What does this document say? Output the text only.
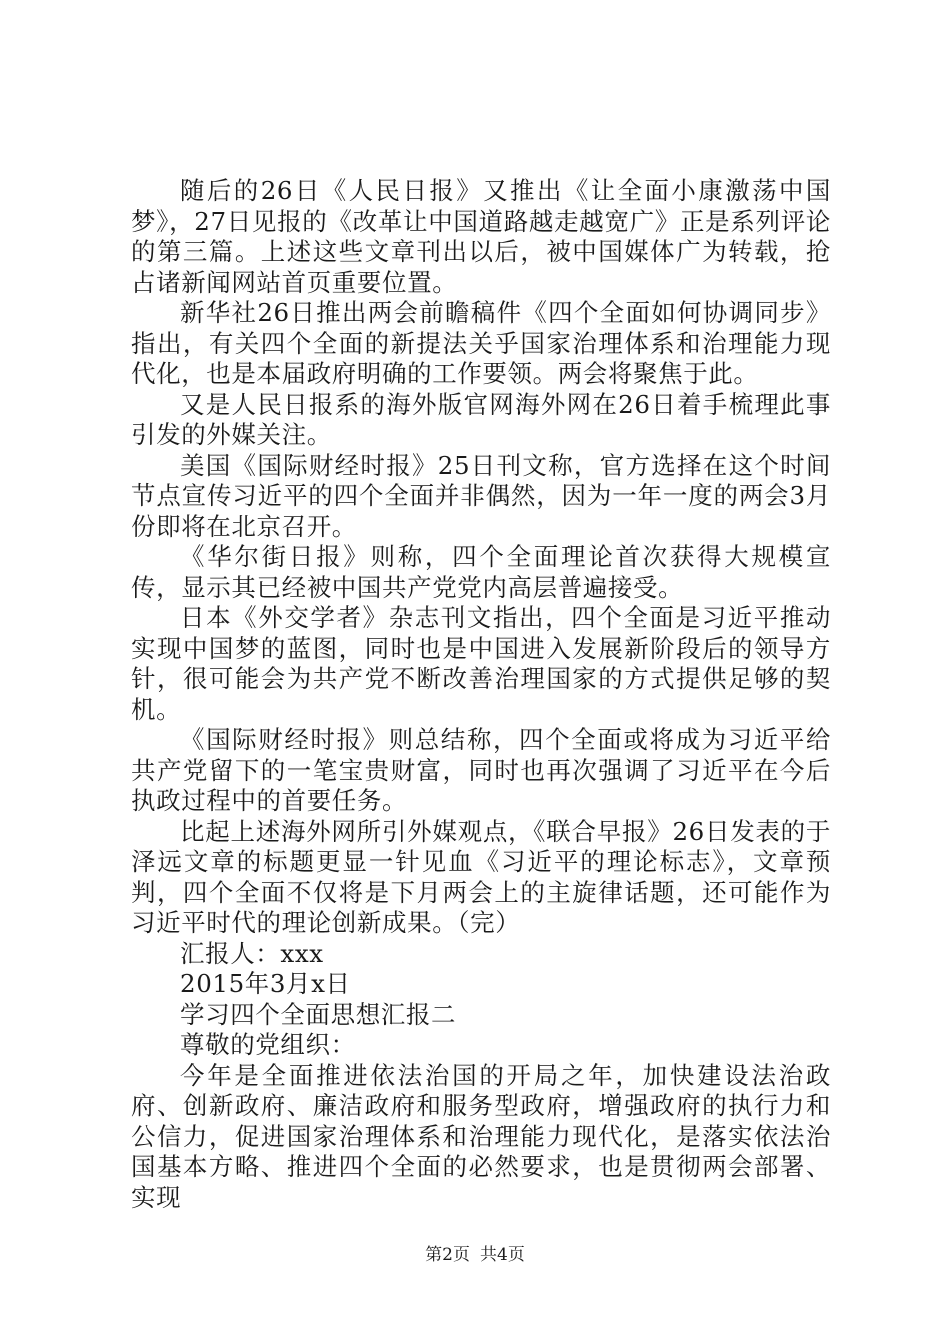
随后的26日《人民日报》又推出《让全面小康激荡中国梦》，27日见报的《改革让中国道路越走越宽广》正是系列评论的第三篇。上述这些文章刊出以后，被中国媒体广为转载，抢占诸新闻网站首页重要位置。

新华社26日推出两会前瞻稿件《四个全面如何协调同步》指出，有关四个全面的新提法关乎国家治理体系和治理能力现代化，也是本届政府明确的工作要领。两会将聚焦于此。

又是人民日报系的海外版官网海外网在26日着手梳理此事引发的外媒关注。

美国《国际财经时报》25日刊文称，官方选择在这个时间节点宣传习近平的四个全面并非偶然，因为一年一度的两会3月份即将在北京召开。

《华尔街日报》则称，四个全面理论首次获得大规模宣传，显示其已经被中国共产党党内高层普遍接受。

日本《外交学者》杂志刊文指出，四个全面是习近平推动实现中国梦的蓝图，同时也是中国进入发展新阶段后的领导方针，很可能会为共产党不断改善治理国家的方式提供足够的契机。

《国际财经时报》则总结称，四个全面或将成为习近平给共产党留下的一笔宝贵财富，同时也再次强调了习近平在今后执政过程中的首要任务。

比起上述海外网所引外媒观点，《联合早报》26日发表的于泽远文章的标题更显一针见血《习近平的理论标志》，文章预判，四个全面不仅将是下月两会上的主旋律话题，还可能作为习近平时代的理论创新成果。（完）

汇报人：xxx

2015年3月x日

学习四个全面思想汇报二

尊敬的党组织：

今年是全面推进依法治国的开局之年，加快建设法治政府、创新政府、廉洁政府和服务型政府，增强政府的执行力和公信力，促进国家治理体系和治理能力现代化，是落实依法治国基本方略、推进四个全面的必然要求，也是贯彻两会部署、实现

第2页 共4页
